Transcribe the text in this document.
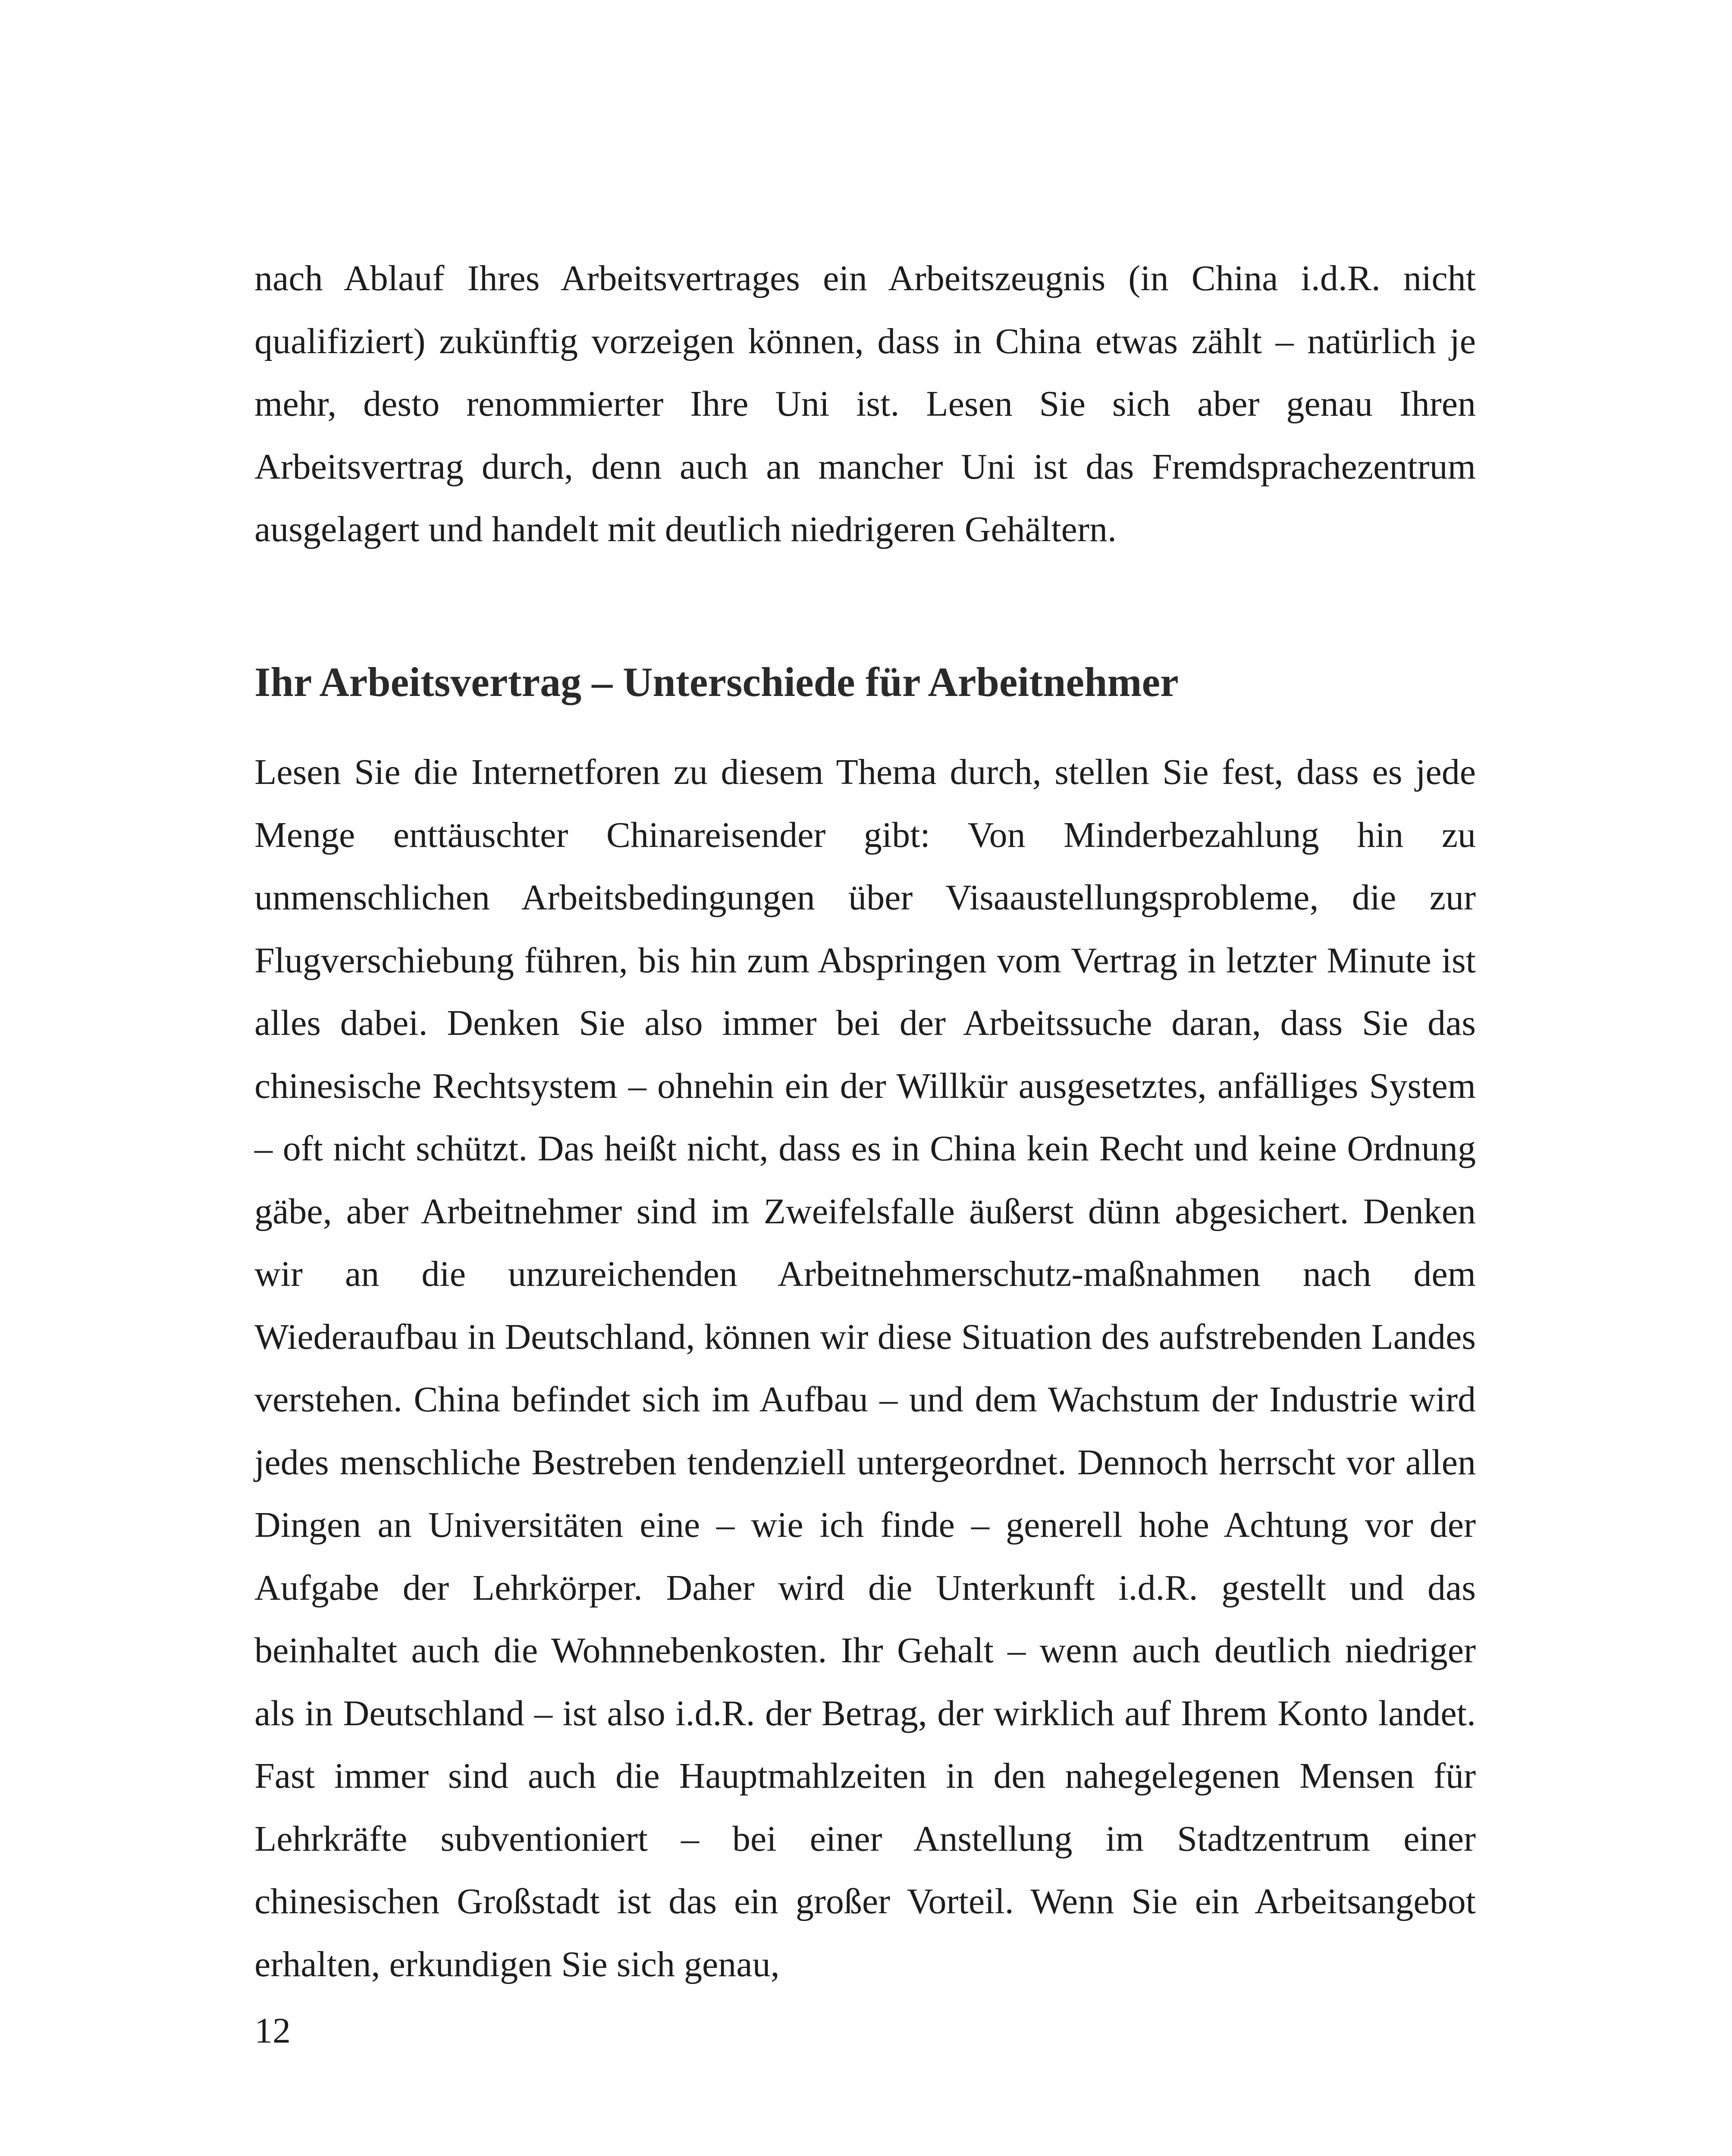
nach Ablauf Ihres Arbeitsvertrages ein Arbeitszeugnis (in China i.d.R. nicht qualifiziert) zukünftig vorzeigen können, dass in China etwas zählt – natürlich je mehr, desto renommierter Ihre Uni ist. Lesen Sie sich aber genau Ihren Arbeitsvertrag durch, denn auch an mancher Uni ist das Fremdsprachezentrum ausgelagert und handelt mit deutlich niedrigeren Gehältern.

Ihr Arbeitsvertrag – Unterschiede für Arbeitnehmer

Lesen Sie die Internetforen zu diesem Thema durch, stellen Sie fest, dass es jede Menge enttäuschter Chinareisender gibt: Von Minderbezahlung hin zu unmenschlichen Arbeitsbedingungen über Visaaustellungsprobleme, die zur Flugverschiebung führen, bis hin zum Abspringen vom Vertrag in letzter Minute ist alles dabei. Denken Sie also immer bei der Arbeitssuche daran, dass Sie das chinesische Rechtsystem – ohnehin ein der Willkür ausgesetztes, anfälliges System – oft nicht schützt. Das heißt nicht, dass es in China kein Recht und keine Ordnung gäbe, aber Arbeitnehmer sind im Zweifelsfalle äußerst dünn abgesichert. Denken wir an die unzureichenden Arbeitnehmerschutz-maßnahmen nach dem Wiederaufbau in Deutschland, können wir diese Situation des aufstrebenden Landes verstehen. China befindet sich im Aufbau – und dem Wachstum der Industrie wird jedes menschliche Bestreben tendenziell untergeordnet. Dennoch herrscht vor allen Dingen an Universitäten eine – wie ich finde – generell hohe Achtung vor der Aufgabe der Lehrkörper. Daher wird die Unterkunft i.d.R. gestellt und das beinhaltet auch die Wohnnebenkosten. Ihr Gehalt – wenn auch deutlich niedriger als in Deutschland – ist also i.d.R. der Betrag, der wirklich auf Ihrem Konto landet. Fast immer sind auch die Hauptmahlzeiten in den nahegelegenen Mensen für Lehrkräfte subventioniert – bei einer Anstellung im Stadtzentrum einer chinesischen Großstadt ist das ein großer Vorteil. Wenn Sie ein Arbeitsangebot erhalten, erkundigen Sie sich genau,

12
